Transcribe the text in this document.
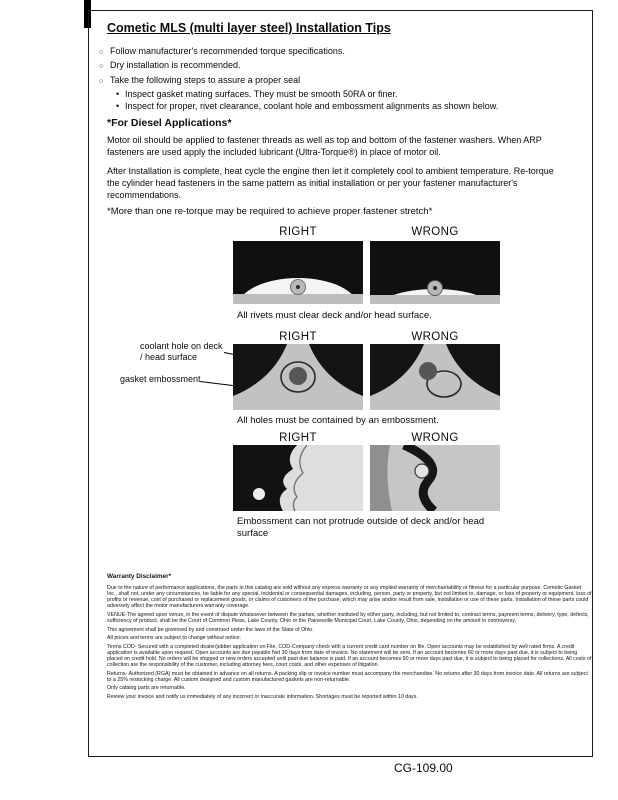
Cometic MLS (multi layer steel) Installation Tips
○ Follow manufacturer's recommended torque specifications.
○ Dry installation is recommended.
○ Take the following steps to assure a proper seal
• Inspect gasket mating surfaces. They must be smooth 50RA or finer.
• Inspect for proper, rivet clearance, coolant hole and embossment alignments as shown below.
*For Diesel Applications*

Motor oil should be applied to fastener threads as well as top and bottom of the fastener washers. When ARP fasteners are used apply the included lubricant (Ultra-Torque®) in place of motor oil.

After Installation is complete, heat cycle the engine then let it completely cool to ambient temperature. Re-torque the cylinder head fasteners in the same pattern as initial installation or per your fastener manufacturer's recommendations.

*More than one re-torque may be required to achieve proper fastener stretch*
RIGHT	WRONG
All rivets must clear deck and/or head surface.
RIGHT	WRONG
coolant hole on deck / head surface
gasket embossment
All holes must be contained by an embossment.
RIGHT	WRONG
Embossment can not protrude outside of deck and/or head surface

Warranty Disclaimer*

Due to the nature of performance applications, the parts in this catalog are sold without any express warranty or any implied warranty of merchantability or fitness for a particular purpose. Cometic Gasket Inc., shall not, under any circumstances, be liable for any special, incidental or consequential damages, including, person, party or property, but not limited to, damage, or loss of property or equipment, loss of profits or revenue, cost of purchased or replacement goods, or claims of customers of the purchase, which may arise and/or result from sale, installation or use of these parts. Installation of these parts could adversely affect the motor manufacturers warranty coverage.

VENUE-The agreed upon venue, in the event of dispute whatsoever between the parties, whether instituted by either party, including, but not limited to, contract terms, payment terms, delivery, type, defects, sufficiency of product, shall be the Court of Common Pleas, Lake County, Ohio or the Painesville Municipal Court, Lake County, Ohio, depending on the amount in controversy.

This agreement shall be governed by and construed under the laws of the State of Ohio.

All prices and terms are subject to change without notice.

Terms COD- Secured with a completed dealer/jobber application on File, COD-Company check with a current credit card number on file. Open accounts may be established by well rated firms. A credit application is available upon request. Open accounts are due payable Net 30 days from date of invoice. No statement will be sent. If an account becomes 60 or more days past due, it is subject to being placed on credit hold. No orders will be shipped or new orders accepted until past due balance is paid. If an account becomes 90 or more days past due, it is subject to being placed for collections. All costs of collection are the responsibility of the customer, including attorney fees, court costs, and other expenses of litigation.

Returns- Authorized (RGA) must be obtained in advance on all returns. A packing slip or invoice number must accompany the merchandise. No returns after 30 days from invoice date. All returns are subject to a 25% restocking charge. All custom designed and custom manufactured gaskets are non-returnable.

Only catalog parts are returnable.

Review your invoice and notify us immediately of any incorrect or inaccurate information. Shortages must be reported within 10 days.

CG-109.00
